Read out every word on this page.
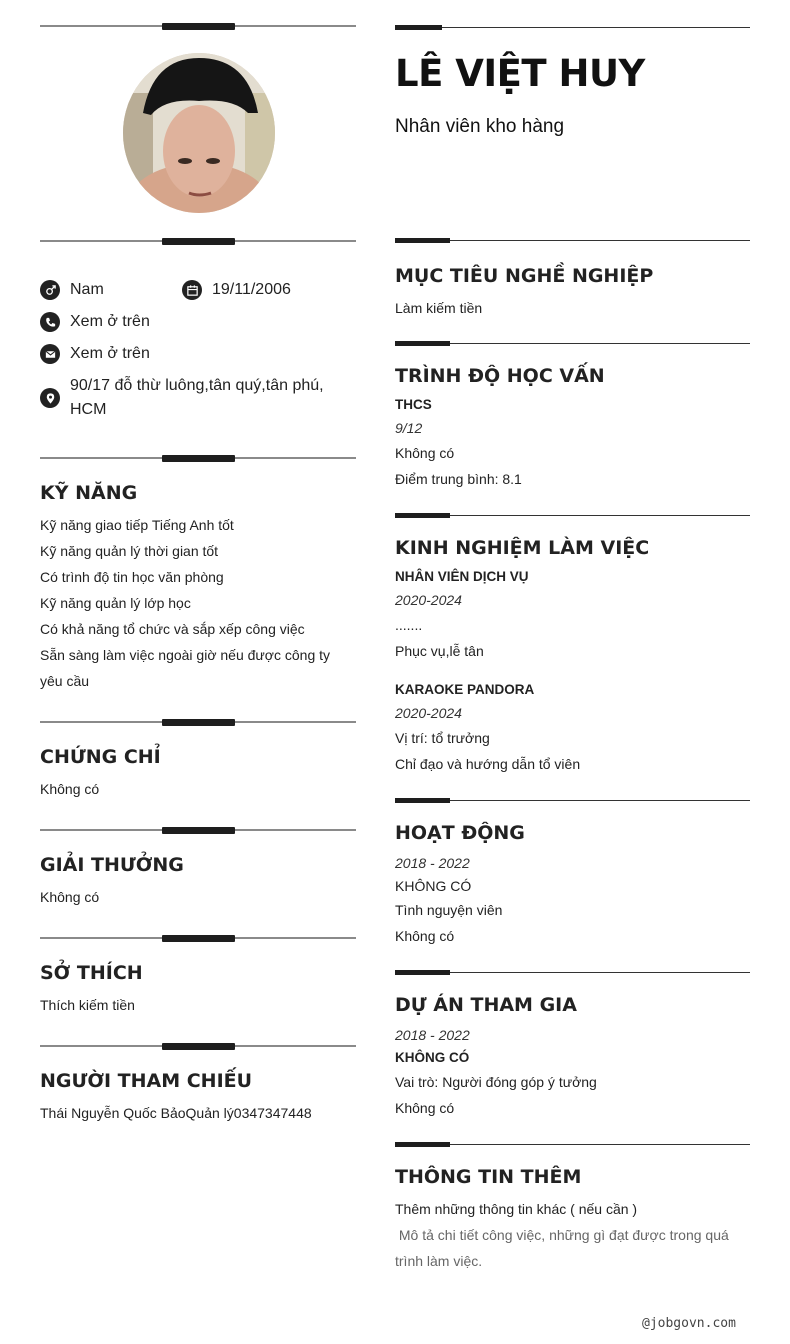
Nam	19/11/2006
Xem ở trên
Xem ở trên
90/17 đỗ thừ luông,tân quý,tân phú, HCM
KỸ NĂNG
Kỹ năng giao tiếp Tiếng Anh tốt
Kỹ năng quản lý thời gian tốt
Có trình độ tin học văn phòng
Kỹ năng quản lý lớp học
Có khả năng tổ chức và sắp xếp công việc
Sẵn sàng làm việc ngoài giờ nếu được công ty yêu cầu
CHỨNG CHỈ
Không có
GIẢI THƯỞNG
Không có
SỞ THÍCH
Thích kiếm tiền
NGƯỜI THAM CHIẾU
Thái Nguyễn Quốc BảoQuản lý0347347448
LÊ VIỆT HUY
Nhân viên kho hàng
MỤC TIÊU NGHỀ NGHIỆP
Làm kiếm tiền
TRÌNH ĐỘ HỌC VẤN
THCS
9/12
Không có
Điểm trung bình: 8.1
KINH NGHIỆM LÀM VIỆC
NHÂN VIÊN DỊCH VỤ
2020-2024
.......
Phục vụ,lễ tân
KARAOKE PANDORA
2020-2024
Vị trí: tổ trưởng
Chỉ đạo và hướng dẫn tổ viên
HOẠT ĐỘNG
2018 - 2022
KHÔNG CÓ
Tình nguyện viên
Không có
DỰ ÁN THAM GIA
2018 - 2022
KHÔNG CÓ
Vai trò: Người đóng góp ý tưởng
Không có
THÔNG TIN THÊM
Thêm những thông tin khác ( nếu cần )
Mô tả chi tiết công việc, những gì đạt được trong quá trình làm việc.
@jobgovn.com
